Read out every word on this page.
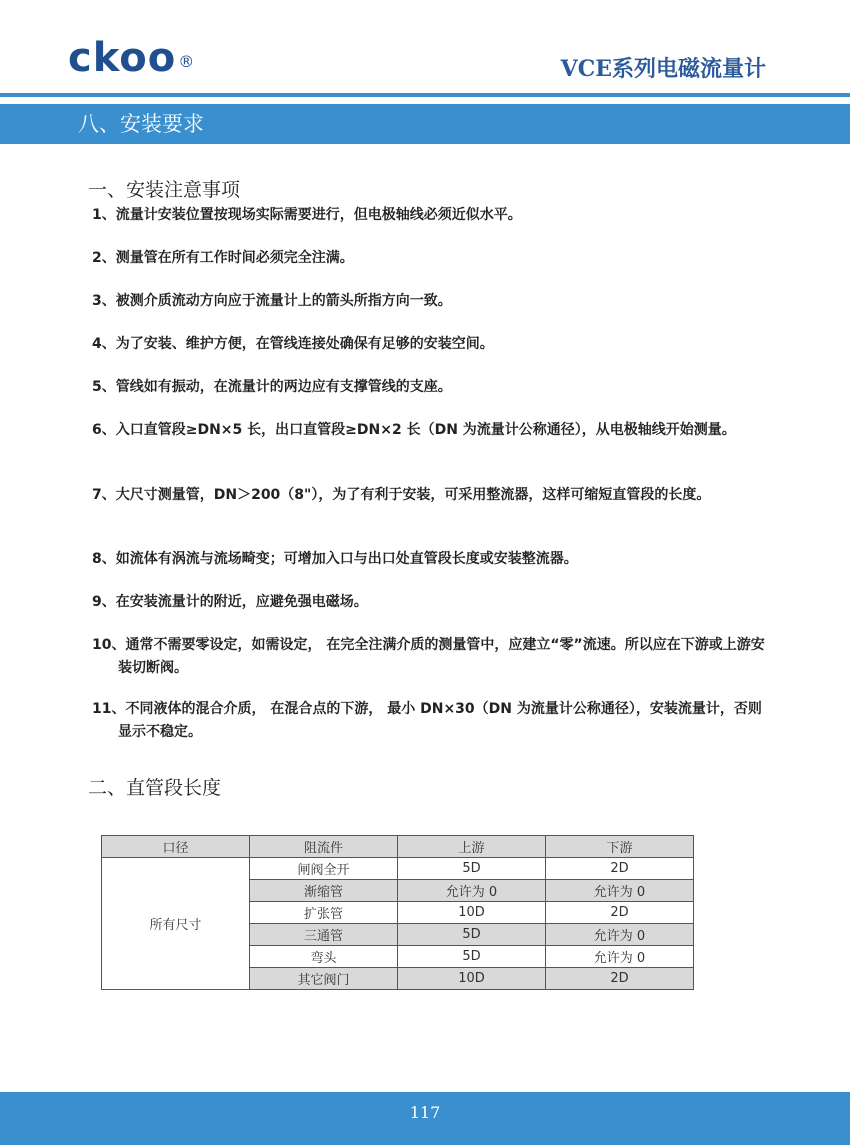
ckoo ®	VCE系列电磁流量计
八、安装要求
一、安装注意事项
1、流量计安装位置按现场实际需要进行，但电极轴线必须近似水平。
2、测量管在所有工作时间必须完全注满。
3、被测介质流动方向应于流量计上的箭头所指方向一致。
4、为了安装、维护方便，在管线连接处确保有足够的安装空间。
5、管线如有振动，在流量计的两边应有支撑管线的支座。
6、入口直管段≥DN×5 长，出口直管段≥DN×2 长（DN 为流量计公称通径），从电极轴线开始测量。
7、大尺寸测量管，DN＞200（8"），为了有利于安装，可采用整流器，这样可缩短直管段的长度。
8、如流体有涡流与流场畸变；可增加入口与出口处直管段长度或安装整流器。
9、在安装流量计的附近，应避免强电磁场。
10、通常不需要零设定，如需设定， 在完全注满介质的测量管中，应建立“零”流速。所以应在下游或上游安装切断阀。
11、不同液体的混合介质， 在混合点的下游， 最小 DN×30（DN 为流量计公称通径），安装流量计，否则显示不稳定。
二、直管段长度
口径	阻流件	上游	下游
所有尺寸	闸阀全开	5D	2D
	渐缩管	允许为 0	允许为 0
	扩张管	10D	2D
	三通管	5D	允许为 0
	弯头	5D	允许为 0
	其它阀门	10D	2D
117
